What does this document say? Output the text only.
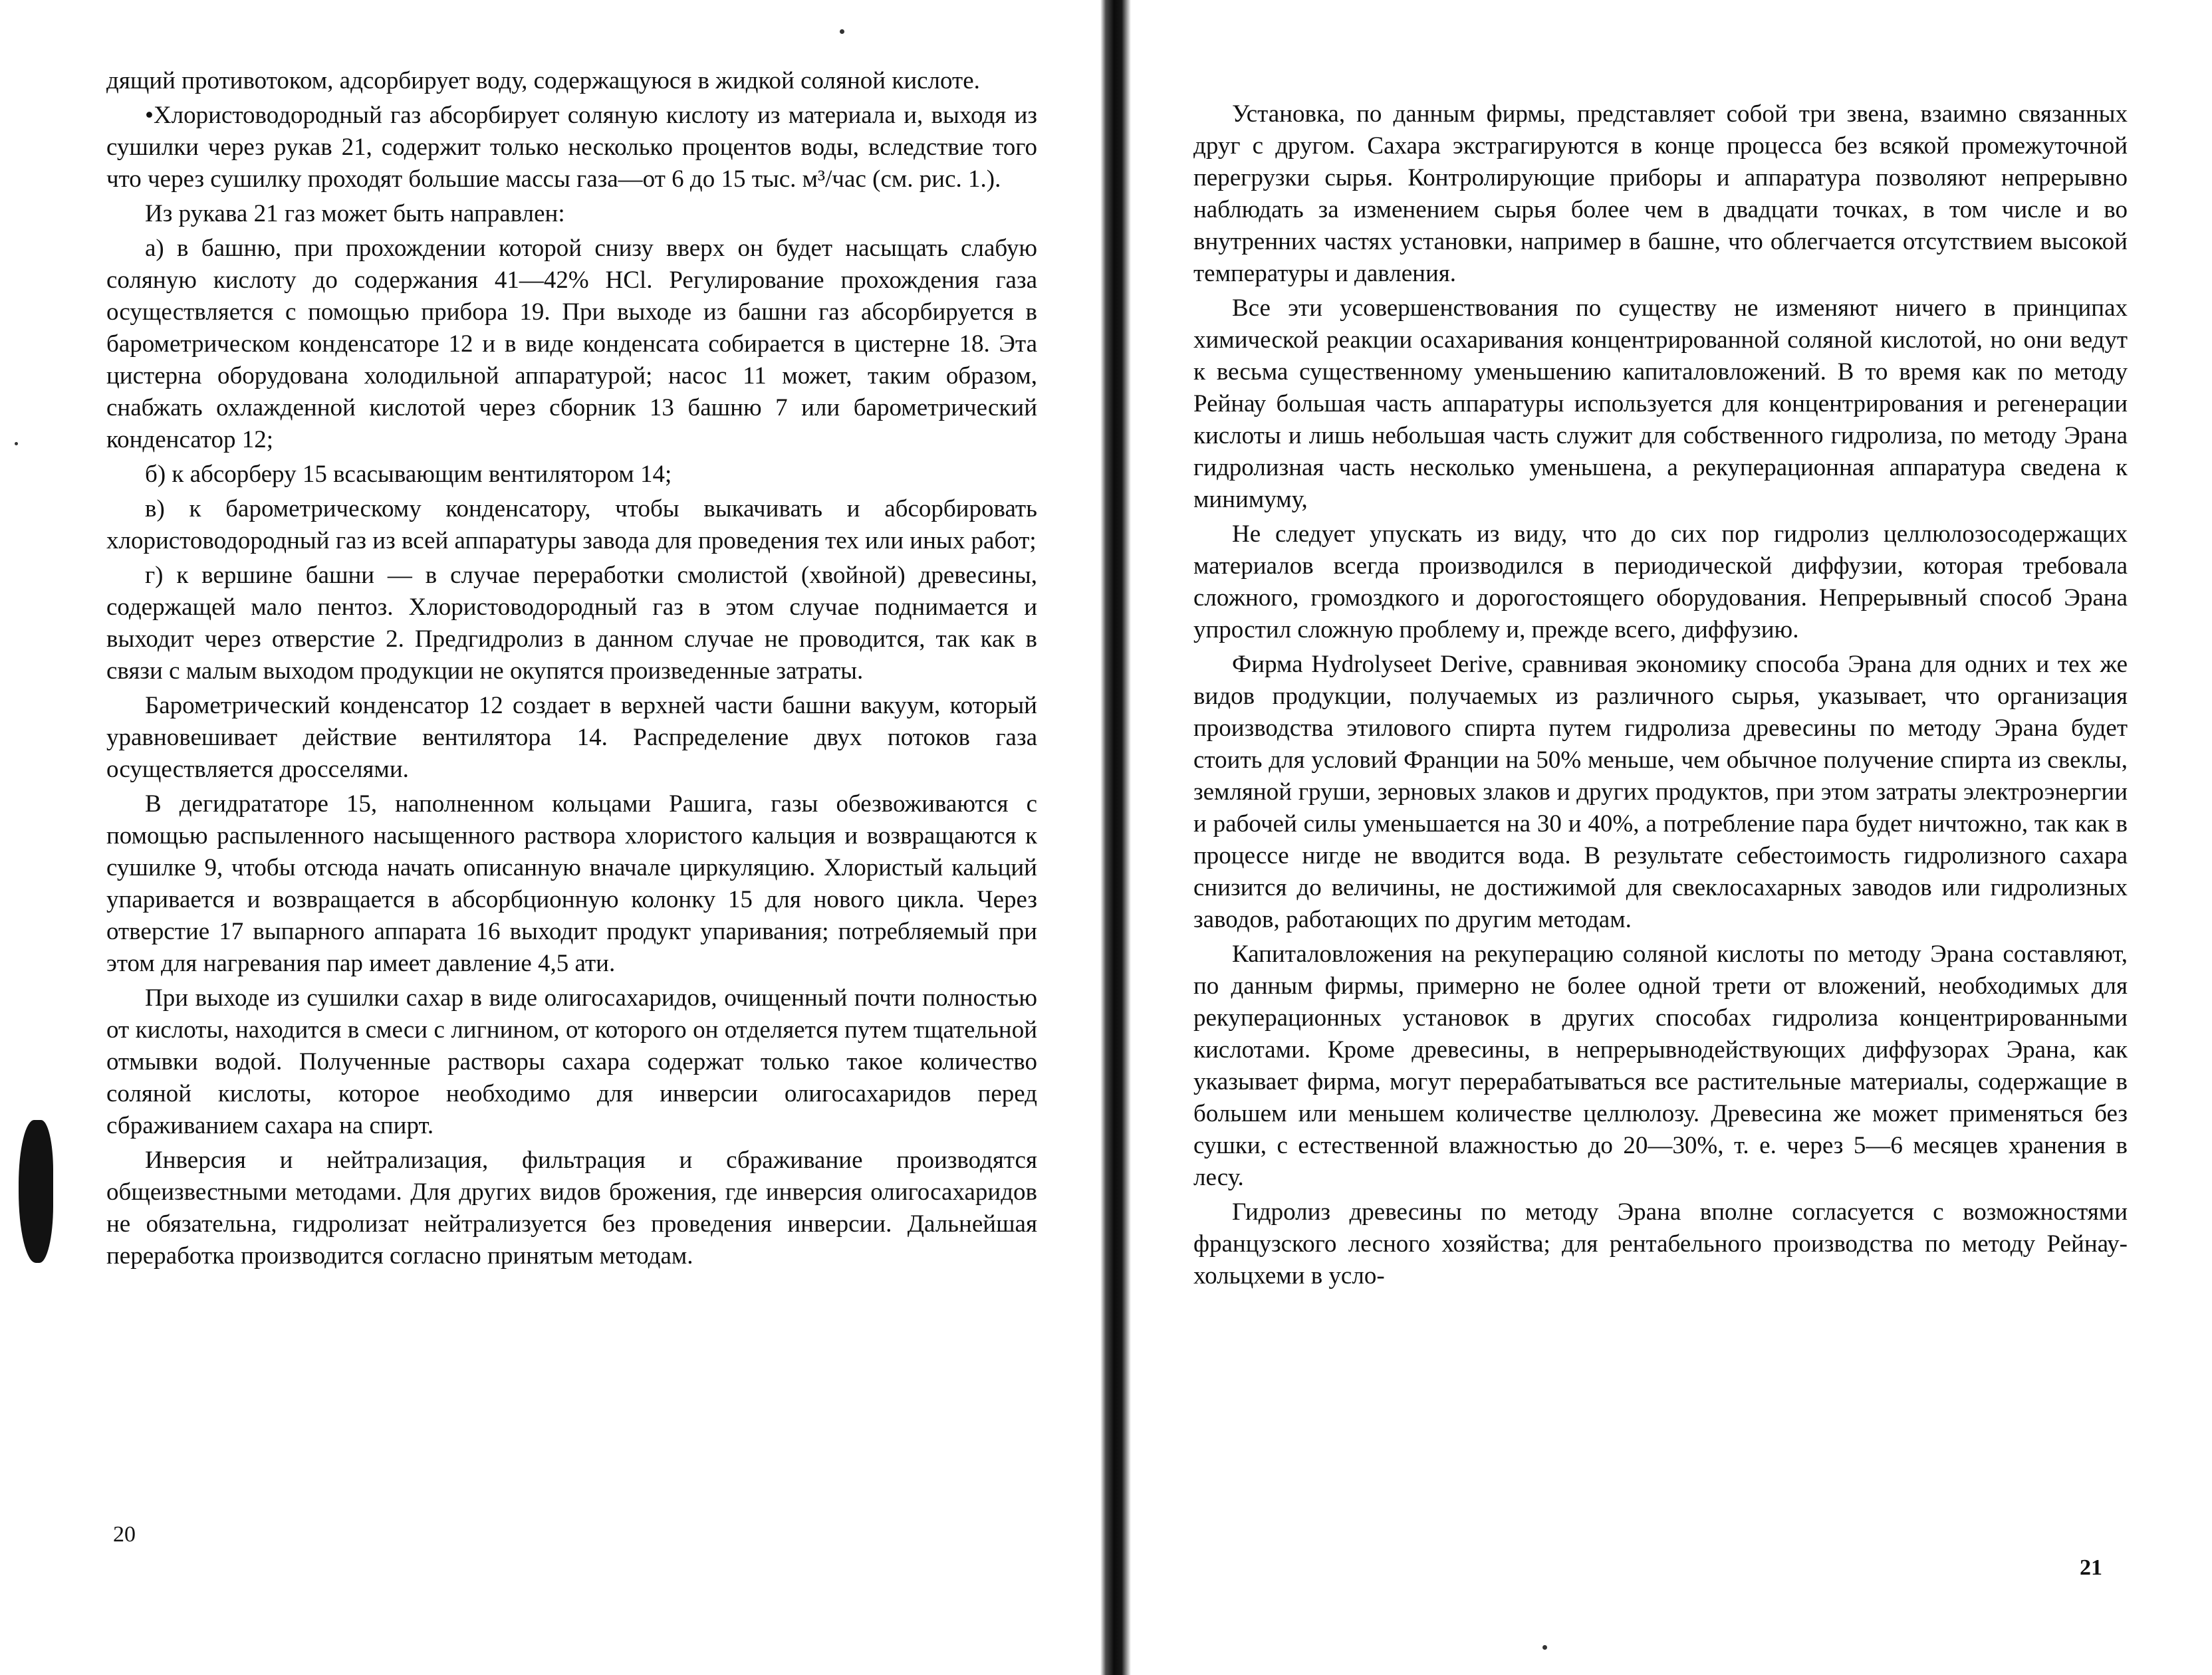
дящий противотоком, адсорбирует воду, содержащуюся в жидкой соляной кислоте.

•Хлористоводородный газ абсорбирует соляную кислоту из материала и, выходя из сушилки через рукав 21, содержит только несколько процентов воды, вследствие того что через сушилку проходят большие массы газа—от 6 до 15 тыс. м³/час (см. рис. 1.).

Из рукава 21 газ может быть направлен:

а) в башню, при прохождении которой снизу вверх он будет насыщать слабую соляную кислоту до содержания 41—42% HCl. Регулирование прохождения газа осуществляется с помощью прибора 19. При выходе из башни газ абсорбируется в барометрическом конденсаторе 12 и в виде конденсата собирается в цистерне 18. Эта цистерна оборудована холодильной аппаратурой; насос 11 может, таким образом, снабжать охлажденной кислотой через сборник 13 башню 7 или барометрический конденсатор 12;

б) к абсорберу 15 всасывающим вентилятором 14;

в) к барометрическому конденсатору, чтобы выкачивать и абсорбировать хлористоводородный газ из всей аппаратуры завода для проведения тех или иных работ;

г) к вершине башни — в случае переработки смолистой (хвойной) древесины, содержащей мало пентоз. Хлористоводородный газ в этом случае поднимается и выходит через отверстие 2. Предгидролиз в данном случае не проводится, так как в связи с малым выходом продукции не окупятся произведенные затраты.

Барометрический конденсатор 12 создает в верхней части башни вакуум, который уравновешивает действие вентилятора 14. Распределение двух потоков газа осуществляется дросселями.

В дегидрататоре 15, наполненном кольцами Рашига, газы обезвоживаются с помощью распыленного насыщенного раствора хлористого кальция и возвращаются к сушилке 9, чтобы отсюда начать описанную вначале циркуляцию. Хлористый кальций упаривается и возвращается в абсорбционную колонку 15 для нового цикла. Через отверстие 17 выпарного аппарата 16 выходит продукт упаривания; потребляемый при этом для нагревания пар имеет давление 4,5 ати.

При выходе из сушилки сахар в виде олигосахаридов, очищенный почти полностью от кислоты, находится в смеси с лигнином, от которого он отделяется путем тщательной отмывки водой. Полученные растворы сахара содержат только такое количество соляной кислоты, которое необходимо для инверсии олигосахаридов перед сбраживанием сахара на спирт.

Инверсия и нейтрализация, фильтрация и сбраживание производятся общеизвестными методами. Для других видов брожения, где инверсия олигосахаридов не обязательна, гидролизат нейтрализуется без проведения инверсии. Дальнейшая переработка производится согласно принятым методам.

20

Установка, по данным фирмы, представляет собой три звена, взаимно связанных друг с другом. Сахара экстрагируются в конце процесса без всякой промежуточной перегрузки сырья. Контролирующие приборы и аппаратура позволяют непрерывно наблюдать за изменением сырья более чем в двадцати точках, в том числе и во внутренних частях установки, например в башне, что облегчается отсутствием высокой температуры и давления.

Все эти усовершенствования по существу не изменяют ничего в принципах химической реакции осахаривания концентрированной соляной кислотой, но они ведут к весьма существенному уменьшению капиталовложений. В то время как по методу Рейнау большая часть аппаратуры используется для концентрирования и регенерации кислоты и лишь небольшая часть служит для собственного гидролиза, по методу Эрана гидролизная часть несколько уменьшена, а рекуперационная аппаратура сведена к минимуму,

Не следует упускать из виду, что до сих пор гидролиз целлюлозосодержащих материалов всегда производился в периодической диффузии, которая требовала сложного, громоздкого и дорогостоящего оборудования. Непрерывный способ Эрана упростил сложную проблему и, прежде всего, диффузию.

Фирма Hydrolyseet Derive, сравнивая экономику способа Эрана для одних и тех же видов продукции, получаемых из различного сырья, указывает, что организация производства этилового спирта путем гидролиза древесины по методу Эрана будет стоить для условий Франции на 50% меньше, чем обычное получение спирта из свеклы, земляной груши, зерновых злаков и других продуктов, при этом затраты электроэнергии и рабочей силы уменьшается на 30 и 40%, а потребление пара будет ничтожно, так как в процессе нигде не вводится вода. В результате себестоимость гидролизного сахара снизится до величины, не достижимой для свеклосахарных заводов или гидролизных заводов, работающих по другим методам.

Капиталовложения на рекуперацию соляной кислоты по методу Эрана составляют, по данным фирмы, примерно не более одной трети от вложений, необходимых для рекуперационных установок в других способах гидролиза концентрированными кислотами. Кроме древесины, в непрерывнодействующих диффузорах Эрана, как указывает фирма, могут перерабатываться все растительные материалы, содержащие в большем или меньшем количестве целлюлозу. Древесина же может применяться без сушки, с естественной влажностью до 20—30%, т. е. через 5—6 месяцев хранения в лесу.

Гидролиз древесины по методу Эрана вполне согласуется с возможностями французского лесного хозяйства; для рентабельного производства по методу Рейнау-хольцхеми в усло-

21
